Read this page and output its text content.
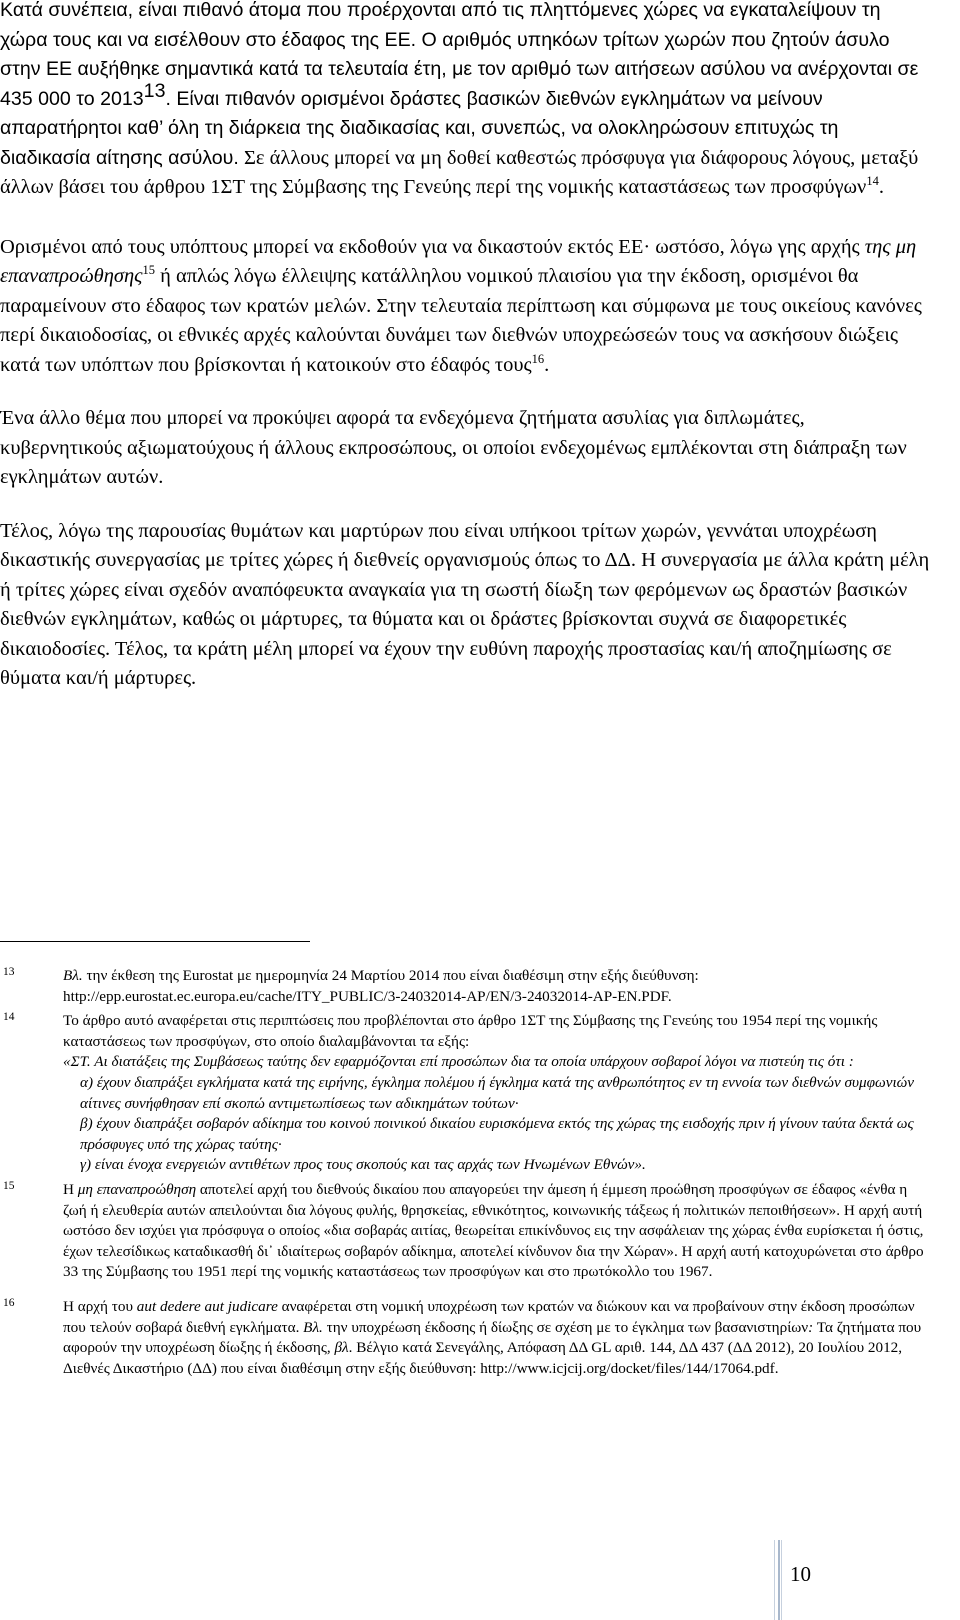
Κατά συνέπεια, είναι πιθανό άτομα που προέρχονται από τις πληττόμενες χώρες να εγκαταλείψουν τη χώρα τους και να εισέλθουν στο έδαφος της ΕΕ. Ο αριθμός υπηκόων τρίτων χωρών που ζητούν άσυλο στην ΕΕ αυξήθηκε σημαντικά κατά τα τελευταία έτη, με τον αριθμό των αιτήσεων ασύλου να ανέρχονται σε 435 000 το 2013$^{13}$. Είναι πιθανόν ορισμένοι δράστες βασικών διεθνών εγκλημάτων να μείνουν απαρατήρητοι καθ’ όλη τη διάρκεια της διαδικασίας και, συνεπώς, να ολοκληρώσουν επιτυχώς τη διαδικασία αίτησης ασύλου. Σε άλλους μπορεί να μη δοθεί καθεστώς πρόσφυγα για διάφορους λόγους, μεταξύ άλλων βάσει του άρθρου 1ΣΤ της Σύμβασης της Γενεύης περί της νομικής καταστάσεως των προσφύγων$^{14}$.

Ορισμένοι από τους υπόπτους μπορεί να εκδοθούν για να δικαστούν εκτός ΕΕ· ωστόσο, λόγω γης αρχής της μη επαναπροώθησης$^{15}$ ή απλώς λόγω έλλειψης κατάλληλου νομικού πλαισίου για την έκδοση, ορισμένοι θα παραμείνουν στο έδαφος των κρατών μελών. Στην τελευταία περίπτωση και σύμφωνα με τους οικείους κανόνες περί δικαιοδοσίας, οι εθνικές αρχές καλούνται δυνάμει των διεθνών υποχρεώσεών τους να ασκήσουν διώξεις κατά των υπόπτων που βρίσκονται ή κατοικούν στο έδαφός τους$^{16}$.

Ένα άλλο θέμα που μπορεί να προκύψει αφορά τα ενδεχόμενα ζητήματα ασυλίας για διπλωμάτες, κυβερνητικούς αξιωματούχους ή άλλους εκπροσώπους, οι οποίοι ενδεχομένως εμπλέκονται στη διάπραξη των εγκλημάτων αυτών.

Τέλος, λόγω της παρουσίας θυμάτων και μαρτύρων που είναι υπήκοοι τρίτων χωρών, γεννάται υποχρέωση δικαστικής συνεργασίας με τρίτες χώρες ή διεθνείς οργανισμούς όπως το ΔΔ. Η συνεργασία με άλλα κράτη μέλη ή τρίτες χώρες είναι σχεδόν αναπόφευκτα αναγκαία για τη σωστή δίωξη των φερόμενων ως δραστών βασικών διεθνών εγκλημάτων, καθώς οι μάρτυρες, τα θύματα και οι δράστες βρίσκονται συχνά σε διαφορετικές δικαιοδοσίες. Τέλος, τα κράτη μέλη μπορεί να έχουν την ευθύνη παροχής προστασίας και/ή αποζημίωσης σε θύματα και/ή μάρτυρες.

13	Βλ. την έκθεση της Eurostat με ημερομηνία 24 Μαρτίου 2014 που είναι διαθέσιμη στην εξής διεύθυνση: http://epp.eurostat.ec.europa.eu/cache/ITY_PUBLIC/3-24032014-AP/EN/3-24032014-AP-EN.PDF.
14	Το άρθρο αυτό αναφέρεται στις περιπτώσεις που προβλέπονται στο άρθρο 1ΣΤ της Σύμβασης της Γενεύης του 1954 περί της νομικής καταστάσεως των προσφύγων, στο οποίο διαλαμβάνονται τα εξής:
«ΣΤ. Αι διατάξεις της Συμβάσεως ταύτης δεν εφαρμόζονται επί προσώπων δια τα οποία υπάρχουν σοβαροί λόγοι να πιστεύη τις ότι :
α) έχουν διαπράξει εγκλήματα κατά της ειρήνης, έγκλημα πολέμου ή έγκλημα κατά της ανθρωπότητος εν τη εννοία των διεθνών συμφωνιών αίτινες συνήφθησαν επί σκοπώ αντιμετωπίσεως των αδικημάτων τούτων·
β) έχουν διαπράξει σοβαρόν αδίκημα του κοινού ποινικού δικαίου ευρισκόμενα εκτός της χώρας της εισδοχής πριν ή γίνουν ταύτα δεκτά ως πρόσφυγες υπό της χώρας ταύτης·
γ) είναι ένοχα ενεργειών αντιθέτων προς τους σκοπούς και τας αρχάς των Ηνωμένων Εθνών».
15	Η μη επαναπροώθηση αποτελεί αρχή του διεθνούς δικαίου που απαγορεύει την άμεση ή έμμεση προώθηση προσφύγων σε έδαφος «ένθα η ζωή ή ελευθερία αυτών απειλούνται δια λόγους φυλής, θρησκείας, εθνικότητος, κοινωνικής τάξεως ή πολιτικών πεποιθήσεων». Η αρχή αυτή ωστόσο δεν ισχύει για πρόσφυγα ο οποίος «δια σοβαράς αιτίας, θεωρείται επικίνδυνος εις την ασφάλειαν της χώρας ένθα ευρίσκεται ή όστις, έχων τελεσίδικως καταδικασθή δι᾽ ιδιαίτερως σοβαρόν αδίκημα, αποτελεί κίνδυνον δια την Χώραν». Η αρχή αυτή κατοχυρώνεται στο άρθρο 33 της Σύμβασης του 1951 περί της νομικής καταστάσεως των προσφύγων και στο πρωτόκολλο του 1967.
16	Η αρχή του aut dedere aut judicare αναφέρεται στη νομική υποχρέωση των κρατών να διώκουν και να προβαίνουν στην έκδοση προσώπων που τελούν σοβαρά διεθνή εγκλήματα. Βλ. την υποχρέωση έκδοσης ή δίωξης σε σχέση με το έγκλημα των βασανιστηρίων: Τα ζητήματα που αφορούν την υποχρέωση δίωξης ή έκδοσης, βλ. Βέλγιο κατά Σενεγάλης, Απόφαση ΔΔ GL αριθ. 144, ΔΔ 437 (ΔΔ 2012), 20 Ιουλίου 2012, Διεθνές Δικαστήριο (ΔΔ) που είναι διαθέσιμη στην εξής διεύθυνση: http://www.icjcij.org/docket/files/144/17064.pdf.
10
